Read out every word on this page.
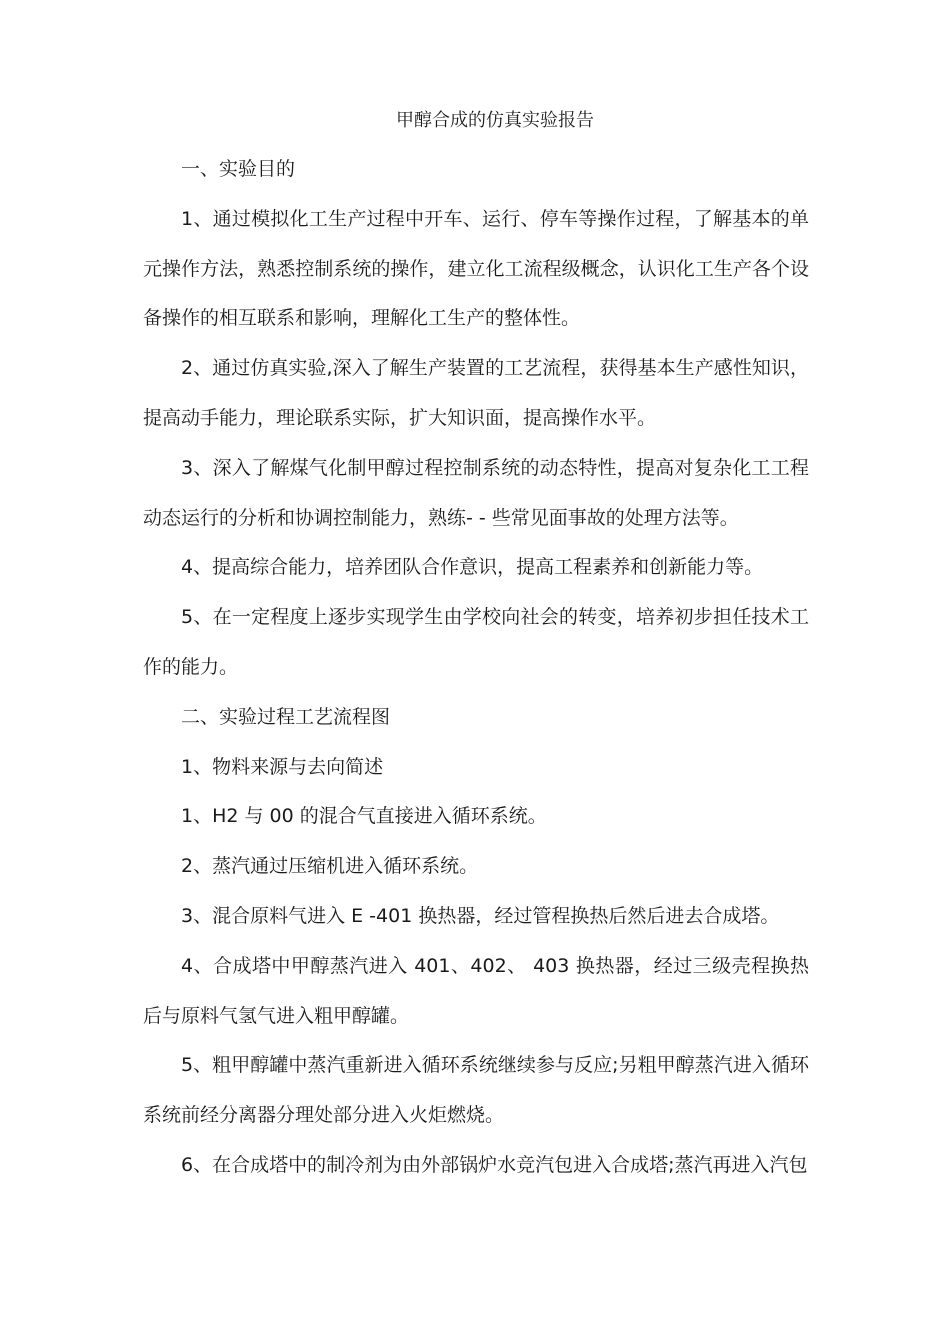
甲醇合成的仿真实验报告

一、实验目的

1、通过模拟化工生产过程中开车、运行、停车等操作过程，了解基本的单元操作方法，熟悉控制系统的操作，建立化工流程级概念，认识化工生产各个设备操作的相互联系和影响，理解化工生产的整体性。

2、通过仿真实验,深入了解生产装置的工艺流程，获得基本生产感性知识，提高动手能力，理论联系实际，扩大知识面，提高操作水平。

3、深入了解煤气化制甲醇过程控制系统的动态特性，提高对复杂化工工程动态运行的分析和协调控制能力，熟练- - 些常见面事故的处理方法等。

4、提高综合能力，培养团队合作意识，提高工程素养和创新能力等。

5、在一定程度上逐步实现学生由学校向社会的转变，培养初步担任技术工作的能力。

二、实验过程工艺流程图

1、物料来源与去向简述

1、H2 与 00 的混合气直接进入循环系统。

2、蒸汽通过压缩机进入循环系统。

3、混合原料气进入 E -401 换热器，经过管程换热后然后进去合成塔。

4、合成塔中甲醇蒸汽进入 401、402、 403 换热器，经过三级壳程换热后与原料气氢气进入粗甲醇罐。

5、粗甲醇罐中蒸汽重新进入循环系统继续参与反应;另粗甲醇蒸汽进入循环系统前经分离器分理处部分进入火炬燃烧。

6、在合成塔中的制冷剂为由外部锅炉水竞汽包进入合成塔;蒸汽再进入汽包
